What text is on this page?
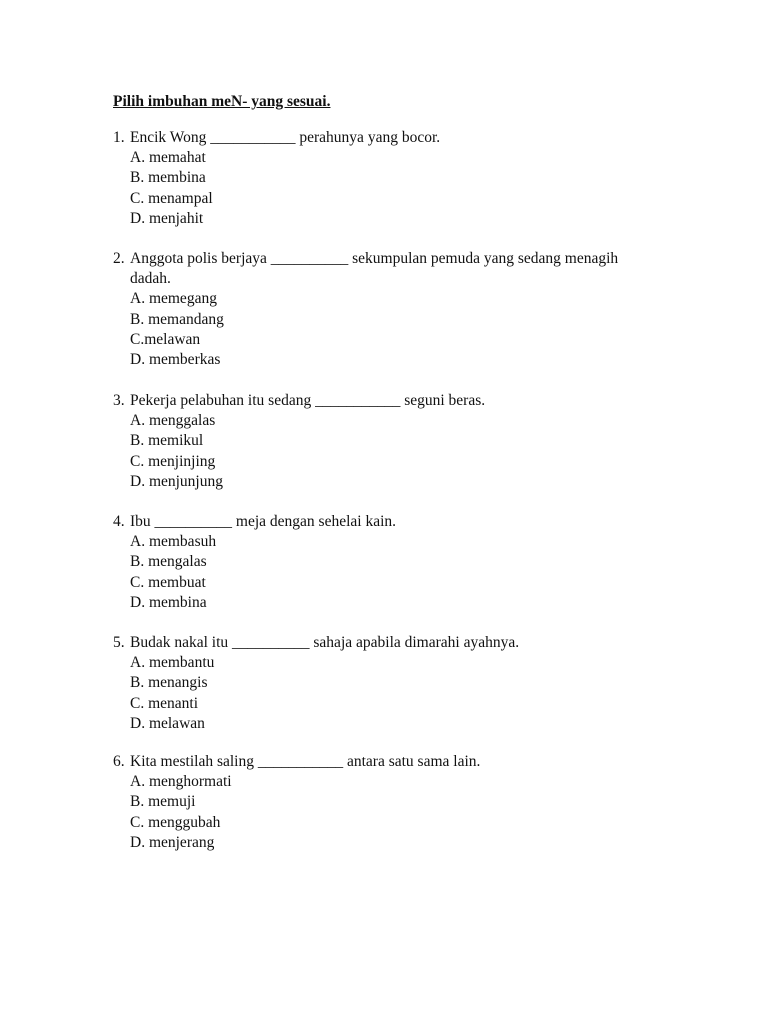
Pilih imbuhan meN- yang sesuai.
1. Encik Wong ___________ perahunya yang bocor.
A. memahat
B. membina
C. menampal
D. menjahit
2. Anggota polis berjaya __________ sekumpulan pemuda yang sedang menagih dadah.
A. memegang
B. memandang
C.melawan
D. memberkas
3. Pekerja pelabuhan itu sedang ___________ seguni beras.
A. menggalas
B. memikul
C. menjinjing
D. menjunjung
4. Ibu __________ meja dengan sehelai kain.
A. membasuh
B. mengalas
C. membuat
D. membina
5. Budak nakal itu __________ sahaja apabila dimarahi ayahnya.
A. membantu
B. menangis
C. menanti
D. melawan
6. Kita mestilah saling ___________ antara satu sama lain.
A. menghormati
B. memuji
C. menggubah
D. menjerang
